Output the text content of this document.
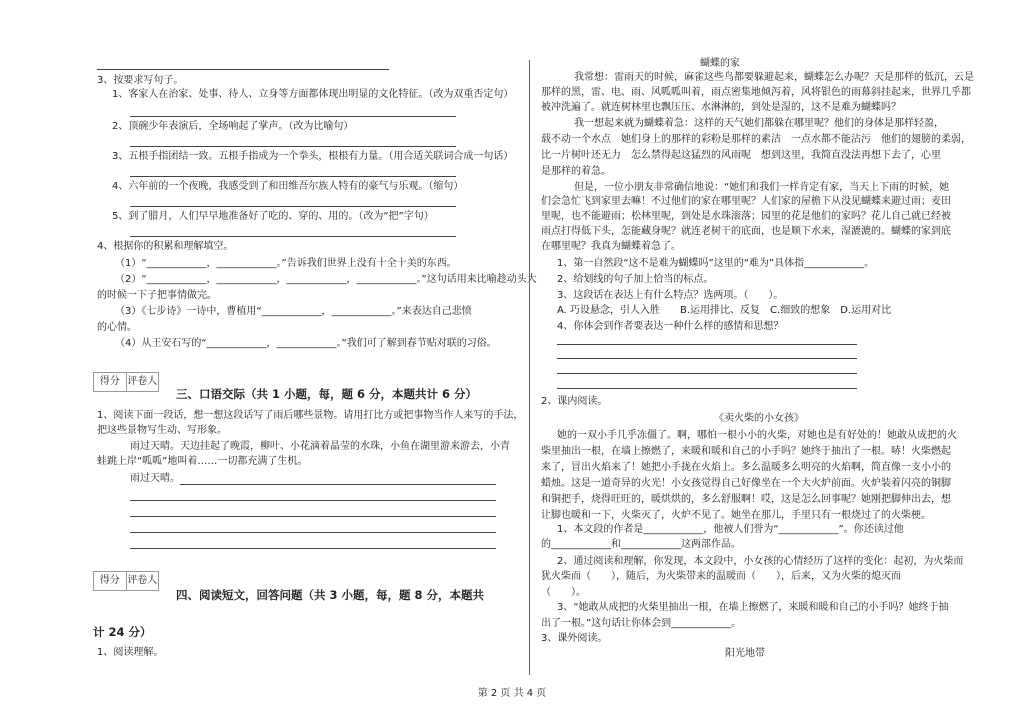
3、按要求写句子。
1、客家人在治家、处事、待人、立身等方面都体现出明显的文化特征。（改为双重否定句）
2、顶碗少年表演后，全场响起了掌声。（改为比喻句）
3、五根手指团结一致。五根手指成为一个拳头，根根有力量。（用合适关联词合成一句话）
4、六年前的一个夜晚，我感受到了和田维吾尔族人特有的豪气与乐观。（缩句）
5、到了腊月，人们早早地准备好了吃的、穿的、用的。（改为“把”字句）
4、根据你的积累和理解填空。
（1）“____________，____________。”告诉我们世界上没有十全十美的东西。
（2）“____________，____________，____________，____________。”这句话用来比喻趁动头大
的时候一下子把事情做完。
（3）《七步诗》一诗中，曹植用“____________，____________。”来表达自己悲愤
的心情。
（4）从王安石写的“____________，____________。”我们可了解到春节贴对联的习俗。
得分 评卷人
三、口语交际（共 1 小题，每，题 6 分，本题共计 6 分）
1、阅读下面一段话，想一想这段话写了雨后哪些景物。请用打比方或把事物当作人来写的手法，
把这些景物写生动、写形象。
雨过天晴。天边挂起了晚霞，柳叶、小花滴着晶莹的水珠，小鱼在湖里游来游去，小青
蛙跳上岸“呱呱”地叫着……一切都充满了生机。
雨过天晴。
得分 评卷人
四、阅读短文，回答问题（共 3 小题，每，题 8 分，本题共
计 24 分）
1、阅读理解。
蝴蝶的家
我常想：雷雨天的时候，麻雀这些鸟都要躲避起来，蝴蝶怎么办呢？天是那样的低沉，云是
那样的黑，雷、电、雨、风呱呱叫着，雨点密集地倾泻着，风将银色的雨幕斜挂起来，世界几乎都
被冲洗遍了。就连树林里也飘压压、水淋淋的，到处是湿的，这不是难为蝴蝶吗？
我一想起来就为蝴蝶着急：这样的天气她们都躲在哪里呢？他们的身体是那样轻盈，
载不动一个水点　她们身上的那样的彩粉是那样的素洁　一点水都不能沾污　他们的翅膀的柔弱，
比一片树叶还无力　怎么禁得起这猛烈的风雨呢　想到这里，我简直没法再想下去了，心里
是那样的着急。
但是，一位小朋友非常确信地说：“她们和我们一样肯定有家，当天上下雨的时候，她
们会急忙飞到家里去嘛！不过他们的家在哪里呢？人们家的屋檐下从没见蝴蝶来避过雨；麦田
里呢，也不能避雨；松林里呢，到处是水珠滚落；园里的花是他们的家吗？花儿自己就已经被
雨点打得低下头，怎能藏身呢？就连老树干的底面，也是顺下水来，湿漉漉的。蝴蝶的家到底
在哪里呢？我真为蝴蝶着急了。
1、第一自然段“这不是难为蝴蝶吗”这里的“难为”具体指____________。
2、给划线的句子加上恰当的标点。
3、这段话在表达上有什么特点？选两项。（　　）。
A. 巧设悬念，引人入胜　　B.运用排比、反复　C.细致的想象　D.运用对比
4、你体会到作者要表达一种什么样的感情和思想？
2、课内阅读。
《卖火柴的小女孩》
她的一双小手几乎冻僵了。啊，哪怕一根小小的火柴，对她也是有好处的！她敢从成把的火
柴里抽出一根，在墙上擦燃了，来暖和暖和自己的小手吗？她终于抽出了一根。哧！火柴燃起
来了，冒出火焰来了！她把小手拢在火焰上。多么温暖多么明亮的火焰啊，简直像一支小小的
蜡烛。这是一道奇异的火光！小女孩觉得自己好像坐在一个大火炉前面。火炉装着闪亮的铜脚
和铜把手，烧得旺旺的，暖烘烘的，多么舒服啊！哎，这是怎么回事呢？她刚把脚伸出去，想
让脚也暖和一下，火柴灭了，火炉不见了。她坐在那儿，手里只有一根烧过了的火柴梗。
1、本文段的作者是____________，他被人们誉为“____________”。你还读过他
的____________和____________这两部作品。
2、通过阅读和理解，你发现，本文段中，小女孩的心情经历了这样的变化：起初，为火柴而
犹火柴而（　　），随后，为火柴带来的温暖而（　　），后来，又为火柴的熄灭而
（　　）。
3、“她敢从成把的火柴里抽出一根，在墙上擦燃了，来暖和暖和自己的小手吗？她终于抽
出了一根。”这句话让你体会到____________。
3、课外阅读。
阳光地带
第 2 页 共 4 页
